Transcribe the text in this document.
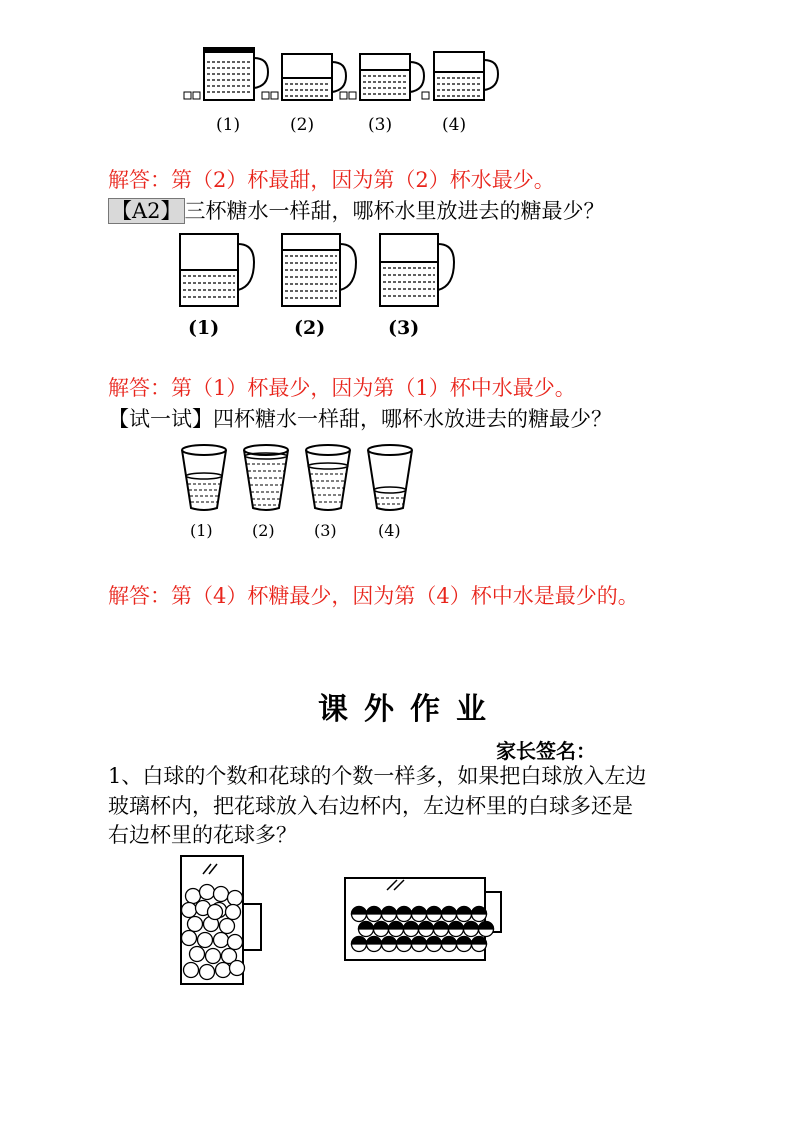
(1)	(2)	(3)	(4)
解答：第（2）杯最甜，因为第（2）杯水最少。
【A2】 三杯糖水一样甜，哪杯水里放进去的糖最少？
(1)	(2)	(3)
解答：第（1）杯最少，因为第（1）杯中水最少。
【试一试】四杯糖水一样甜，哪杯水放进去的糖最少？
(1) (2) (3)	(4)
解答：第（4）杯糖最少，因为第（4）杯中水是最少的。
课外作业
家长签名：
1、白球的个数和花球的个数一样多，如果把白球放入左边
玻璃杯内，把花球放入右边杯内，左边杯里的白球多还是
右边杯里的花球多？
